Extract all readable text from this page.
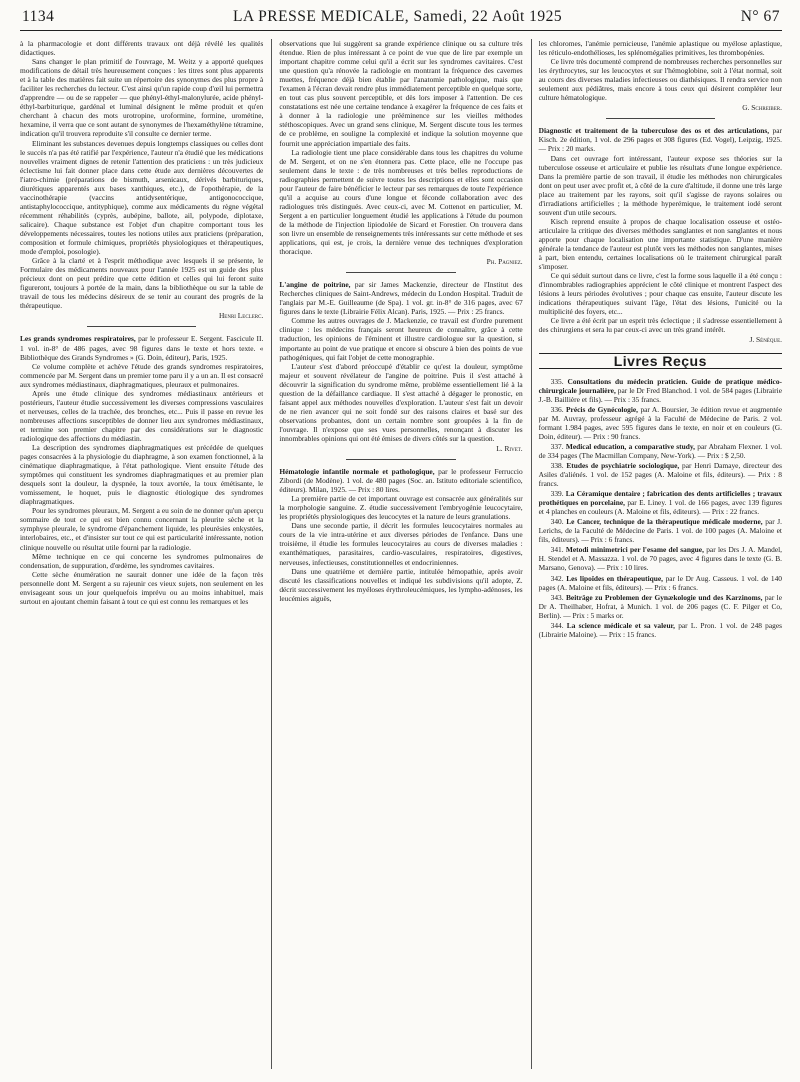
1134	LA PRESSE MEDICALE, Samedi, 22 Août 1925	N° 67

à la pharmacologie et dont différents travaux ont déjà révélé les qualités didactiques.

Sans changer le plan primitif de l'ouvrage, M. Weitz y a apporté quelques modifications de détail très heureusement conçues : les titres sont plus apparents et à la table des matières fait suite un répertoire des synonymes des plus propre à faciliter les recherches du lecteur. C'est ainsi qu'un rapide coup d'œil lui permettra d'apprendre — ou de se rappeler — que phényl-éthyl-malonylurée, acide phényl-éthyl-barbiturique, gardénal et luminal désignent le même produit et qu'en cherchant à chacun des mots urotropine, uroformine, formine, urométine, hexamine, il verra que ce sont autant de synonymes de l'hexaméthylène tétramine, indication qu'il trouvera reproduite s'il consulte ce dernier terme.

Eliminant les substances devenues depuis longtemps classiques ou celles dont le succès n'a pas été ratifié par l'expérience, l'auteur n'a étudié que les médications nouvelles vraiment dignes de retenir l'attention des praticiens : un très judicieux éclectisme lui fait donner place dans cette étude aux dernières découvertes de l'iatro-chimie (préparations de bismuth, arsenicaux, dérivés barbituriques, diurétiques apparentés aux bases xanthiques, etc.), de l'opothérapie, de la vaccinothérapie (vaccins antidysentérique, antigonococcique, antistaphylococcique, antityphique), comme aux médicaments du règne végétal récemment réhabilités (cyprès, aubépine, ballote, ail, polypode, diplotaxe, salicaire). Chaque substance est l'objet d'un chapitre comportant tous les développements nécessaires, toutes les notions utiles aux praticiens (préparation, composition et formule chimiques, propriétés physiologiques et thérapeutiques, mode d'emploi, posologie).

Grâce à la clarté et à l'esprit méthodique avec lesquels il se présente, le Formulaire des médicaments nouveaux pour l'année 1925 est un guide des plus précieux dont on peut prédire que cette édition et celles qui lui feront suite figureront, toujours à portée de la main, dans la bibliothèque ou sur la table de travail de tous les médecins désireux de se tenir au courant des progrès de la thérapeutique.

Henri Leclerc.

Les grands syndromes respiratoires, par le professeur E. Sergent. Fascicule II. 1 vol. in-8° de 486 pages, avec 98 figures dans le texte et hors texte. « Bibliothèque des Grands Syndromes » (G. Doin, éditeur), Paris, 1925.

Ce volume complète et achève l'étude des grands syndromes respiratoires, commencée par M. Sergent dans un premier tome paru il y a un an. Il est consacré aux syndromes médiastinaux, diaphragmatiques, pleuraux et pulmonaires.

Après une étude clinique des syndromes médiastinaux antérieurs et postérieurs, l'auteur étudie successivement les diverses compressions vasculaires et nerveuses, celles de la trachée, des bronches, etc... Puis il passe en revue les nombreuses affections susceptibles de donner lieu aux syndromes médiastinaux, et termine son premier chapitre par des considérations sur le diagnostic radiologique des affections du médiastin.

La description des syndromes diaphragmatiques est précédée de quelques pages consacrées à la physiologie du diaphragme, à son examen fonctionnel, à la cinématique diaphragmatique, à l'état pathologique. Vient ensuite l'étude des symptômes qui constituent les syndromes diaphragmatiques et au premier plan desquels sont la douleur, la dyspnée, la toux avortée, la toux émétisante, le vomissement, le hoquet, puis le diagnostic étiologique des syndromes diaphragmatiques.

Pour les syndromes pleuraux, M. Sergent a eu soin de ne donner qu'un aperçu sommaire de tout ce qui est bien connu concernant la pleurite sèche et la symphyse pleurale, le syndrome d'épanchement liquide, les pleurésies enkystées, interlobaires, etc., et d'insister sur tout ce qui est particularité intéressante, notion clinique nouvelle ou résultat utile fourni par la radiologie.

Même technique en ce qui concerne les syndromes pulmonaires de condensation, de suppuration, d'œdème, les syndromes cavitaires.

Cette sèche énumération ne saurait donner une idée de la façon très personnelle dont M. Sergent a su rajeunir ces vieux sujets, non seulement en les envisageant sous un jour quelquefois imprévu ou au moins inhabituel, mais surtout en ajoutant chemin faisant à tout ce qui est connu les remarques et les

observations que lui suggèrent sa grande expérience clinique ou sa culture très étendue. Rien de plus intéressant à ce point de vue que de lire par exemple un important chapitre comme celui qu'il a écrit sur les syndromes cavitaires. C'est une question qu'a rénovée la radiologie en montrant la fréquence des cavernes muettes, fréquence déjà bien établie par l'anatomie pathologique, mais que l'examen à l'écran devait rendre plus immédiatement perceptible en quelque sorte, en tout cas plus souvent perceptible, et dès lors imposer à l'attention. De ces constatations est née une certaine tendance à exagérer la fréquence de ces faits et à donner à la radiologie une prééminence sur les vieilles méthodes stéthoscopiques. Avec un grand sens clinique, M. Sergent discute tous les termes de ce problème, en souligne la complexité et indique la solution moyenne que fournit une appréciation impartiale des faits.

La radiologie tient une place considérable dans tous les chapitres du volume de M. Sergent, et on ne s'en étonnera pas. Cette place, elle ne l'occupe pas seulement dans le texte : de très nombreuses et très belles reproductions de radiographies permettent de suivre toutes les descriptions et elles sont occasion pour l'auteur de faire bénéficier le lecteur par ses remarques de toute l'expérience qu'il a acquise au cours d'une longue et féconde collaboration avec des radiologues très distingués. Avec ceux-ci, avec M. Cottenot en particulier, M. Sergent a en particulier longuement étudié les applications à l'étude du poumon de la méthode de l'injection lipiodolée de Sicard et Forestier. On trouvera dans son livre un ensemble de renseignements très intéressants sur cette méthode et ses applications, qui est, je crois, la dernière venue des techniques d'exploration thoracique.

Ph. Pagniez.

L'angine de poitrine, par sir James Mackenzie, directeur de l'Institut des Recherches cliniques de Saint-Andrews, médecin du London Hospital. Traduit de l'anglais par M.-E. Guilleaume (de Spa). 1 vol. gr. in-8° de 316 pages, avec 67 figures dans le texte (Librairie Félix Alcan). Paris, 1925. — Prix : 25 francs.

Comme les autres ouvrages de J. Mackenzie, ce travail est d'ordre purement clinique : les médecins français seront heureux de connaître, grâce à cette traduction, les opinions de l'éminent et illustre cardiologue sur la question, si importante au point de vue pratique et encore si obscure à bien des points de vue pathogéniques, qui fait l'objet de cette monographie.

L'auteur s'est d'abord préoccupé d'établir ce qu'est la douleur, symptôme majeur et souvent révélateur de l'angine de poitrine. Puis il s'est attaché à découvrir la signification du syndrome même, problème essentiellement lié à la question de la défaillance cardiaque. Il s'est attaché à dégager le pronostic, en faisant appel aux méthodes nouvelles d'exploration. L'auteur s'est fait un devoir de ne rien avancer qui ne soit fondé sur des raisons claires et basé sur des observations probantes, dont un certain nombre sont groupées à la fin de l'ouvrage. Il n'expose que ses vues personnelles, renonçant à discuter les innombrables opinions qui ont été émises de divers côtés sur la question.

L. Rivet.

Hématologie infantile normale et pathologique, par le professeur Ferruccio Zibordi (de Modène). 1 vol. de 480 pages (Soc. an. Istituto editoriale scientifico, éditeurs). Milan, 1925. — Prix : 80 lires.

La première partie de cet important ouvrage est consacrée aux généralités sur la morphologie sanguine. Z. étudie successivement l'embryogénie leucocytaire, les propriétés physiologiques des leucocytes et la nature de leurs granulations.

Dans une seconde partie, il décrit les formules leucocytaires normales au cours de la vie intra-utérine et aux diverses périodes de l'enfance. Dans une troisième, il étudie les formules leucocytaires au cours de diverses maladies : exanthématiques, parasitaires, cardio-vasculaires, respiratoires, digestives, nerveuses, infectieuses, constitutionnelles et endocriniennes.

Dans une quatrième et dernière partie, intitulée hémopathie, après avoir discuté les classifications nouvelles et indiqué les subdivisions qu'il adopte, Z. décrit successivement les myéloses érythroleucémiques, les lympho-adénoses, les leucémies aiguës,

les chloromes, l'anémie pernicieuse, l'anémie aplastique ou myélose aplastique, les réticulo-endothélioses, les splénomégalies primitives, les thrombopénies.

Ce livre très documenté comprend de nombreuses recherches personnelles sur les érythrocytes, sur les leucocytes et sur l'hémoglobine, soit à l'état normal, soit au cours des diverses maladies infectieuses ou diathésiques. Il rendra service non seulement aux pédiâtres, mais encore à tous ceux qui désirent compléter leur culture hématologique.

G. Schreiber.

Diagnostic et traitement de la tuberculose des os et des articulations, par Kisch. 2e édition, 1 vol. de 296 pages et 308 figures (Ed. Vogel), Leipzig, 1925. — Prix : 20 marks.

Dans cet ouvrage fort intéressant, l'auteur expose ses théories sur la tuberculose osseuse et articulaire et publie les résultats d'une longue expérience. Dans la première partie de son travail, il étudie les méthodes non chirurgicales dont on peut user avec profit et, à côté de la cure d'altitude, il donne une très large place au traitement par les rayons, soit qu'il s'agisse de rayons solaires ou d'irradiations artificielles ; la méthode hyperémique, le traitement iodé seront souvent d'un utile secours.

Kisch reprend ensuite à propos de chaque localisation osseuse et ostéo-articulaire la critique des diverses méthodes sanglantes et non sanglantes et nous apporte pour chaque localisation une importante statistique. D'une manière générale la tendance de l'auteur est plutôt vers les méthodes non sanglantes, mises à part, bien entendu, certaines localisations où le traitement chirurgical paraît s'imposer.

Ce qui séduit surtout dans ce livre, c'est la forme sous laquelle il a été conçu : d'innombrables radiographies apprécient le côté clinique et montrent l'aspect des lésions à leurs périodes évolutives ; pour chaque cas ensuite, l'auteur discute les indications thérapeutiques suivant l'âge, l'état des lésions, l'unicité ou la multiplicité des foyers, etc...

Ce livre a été écrit par un esprit très éclectique ; il s'adresse essentiellement à des chirurgiens et sera lu par ceux-ci avec un très grand intérêt.

J. Sénèque.

Livres Reçus

335. Consultations du médecin praticien. Guide de pratique médico-chirurgicale journalière, par le Dr Fred Blanchod. 1 vol. de 584 pages (Librairie J.-B. Baillière et fils). — Prix : 35 francs.

336. Précis de Gynécologie, par A. Boursier, 3e édition revue et augmentée par M. Auvray, professeur agrégé à la Faculté de Médecine de Paris. 2 vol. formant 1.984 pages, avec 595 figures dans le texte, en noir et en couleurs (G. Doin, éditeur). — Prix : 90 francs.

337. Medical education, a comparative study, par Abraham Flexner. 1 vol. de 334 pages (The Macmillan Company, New-York). — Prix : $ 2,50.

338. Etudes de psychiatrie sociologique, par Henri Damaye, directeur des Asiles d'aliénés. 1 vol. de 152 pages (A. Maloine et fils, éditeurs). — Prix : 8 francs.

339. La Céramique dentaire ; fabrication des dents artificielles ; travaux prothétiques en porcelaine, par E. Liney. 1 vol. de 166 pages, avec 139 figures et 4 planches en couleurs (A. Maloine et fils, éditeurs). — Prix : 22 francs.

340. Le Cancer, technique de la thérapeutique médicale moderne, par J. Lerichs, de la Faculté de Médecine de Paris. 1 vol. de 100 pages (A. Maloine et fils, éditeurs). — Prix : 6 francs.

341. Metodi minimetrici per l'esame del sangue, par les Drs J. A. Mandel, H. Stendel et A. Massazza. 1 vol. de 70 pages, avec 4 figures dans le texte (G. B. Marsano, Genova). — Prix : 10 lires.

342. Les lipoïdes en thérapeutique, par le Dr Aug. Casseus. 1 vol. de 140 pages (A. Maloine et fils, éditeurs). — Prix : 6 francs.

343. Beiträge zu Problemen der Gynækologie und des Karzinoms, par le Dr A. Theilhaber, Hofrat, à Munich. 1 vol. de 206 pages (C. F. Pilger et Co, Berlin). — Prix : 5 marks or.

344. La science médicale et sa valeur, par L. Pron. 1 vol. de 248 pages (Librairie Maloine). — Prix : 15 francs.
